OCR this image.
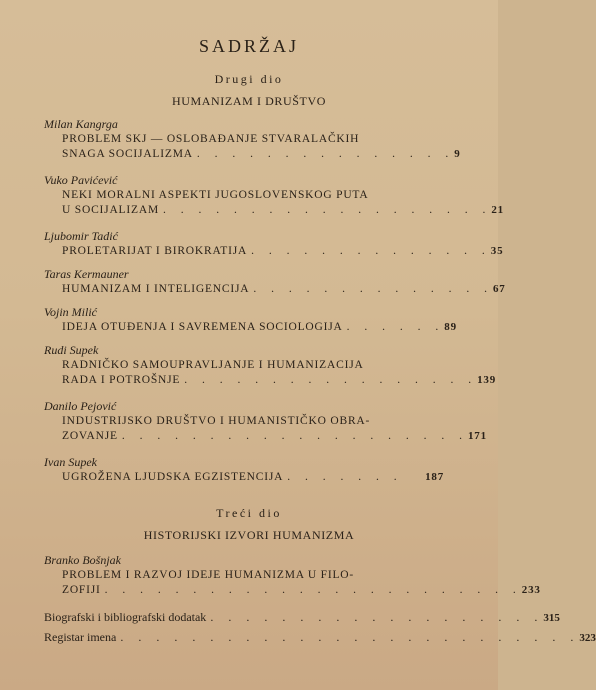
SADRŽAJ
Drugi dio
HUMANIZAM I DRUŠTVO
Milan Kangrga
PROBLEM SKJ — OSLOBAĐANJE STVARALAČKIH
SNAGA SOCIJALIZMA . . . . . . . . . . . . . . . 9
Vuko Pavićević
NEKI MORALNI ASPEKTI JUGOSLOVENSKOG PUTA
U SOCIJALIZAM . . . . . . . . . . . . . . . . . . . 21
Ljubomir Tadić
PROLETARIJAT I BIROKRATIJA . . . . . . . . . . . . . . 35
Taras Kermauner
HUMANIZAM I INTELIGENCIJA . . . . . . . . . . . . . . 67
Vojin Milić
IDEJA OTUĐENJA I SAVREMENA SOCIOLOGIJA . . . . . . 89
Rudi Supek
RADNIČKO SAMOUPRAVLJANJE I HUMANIZACIJA
RADA I POTROŠNJE . . . . . . . . . . . . . . . . . 139
Danilo Pejović
INDUSTRIJSKO DRUŠTVO I HUMANISTIČKO OBRA-
ZOVANJE . . . . . . . . . . . . . . . . . . . . 171
Ivan Supek
UGROŽENA LJUDSKA EGZISTENCIJA . . . . . . .	187
Treći dio
HISTORIJSKI IZVORI HUMANIZMA
Branko Bošnjak
PROBLEM I RAZVOJ IDEJE HUMANIZMA U FILO-
ZOFIJI . . . . . . . . . . . . . . . . . . . . . . . . 233
Biografski i bibliografski dodatak . . . . . . . . . . . . . . . . . . . 315
Registar imena . . . . . . . . . . . . . . . . . . . . . . . . . . 323
